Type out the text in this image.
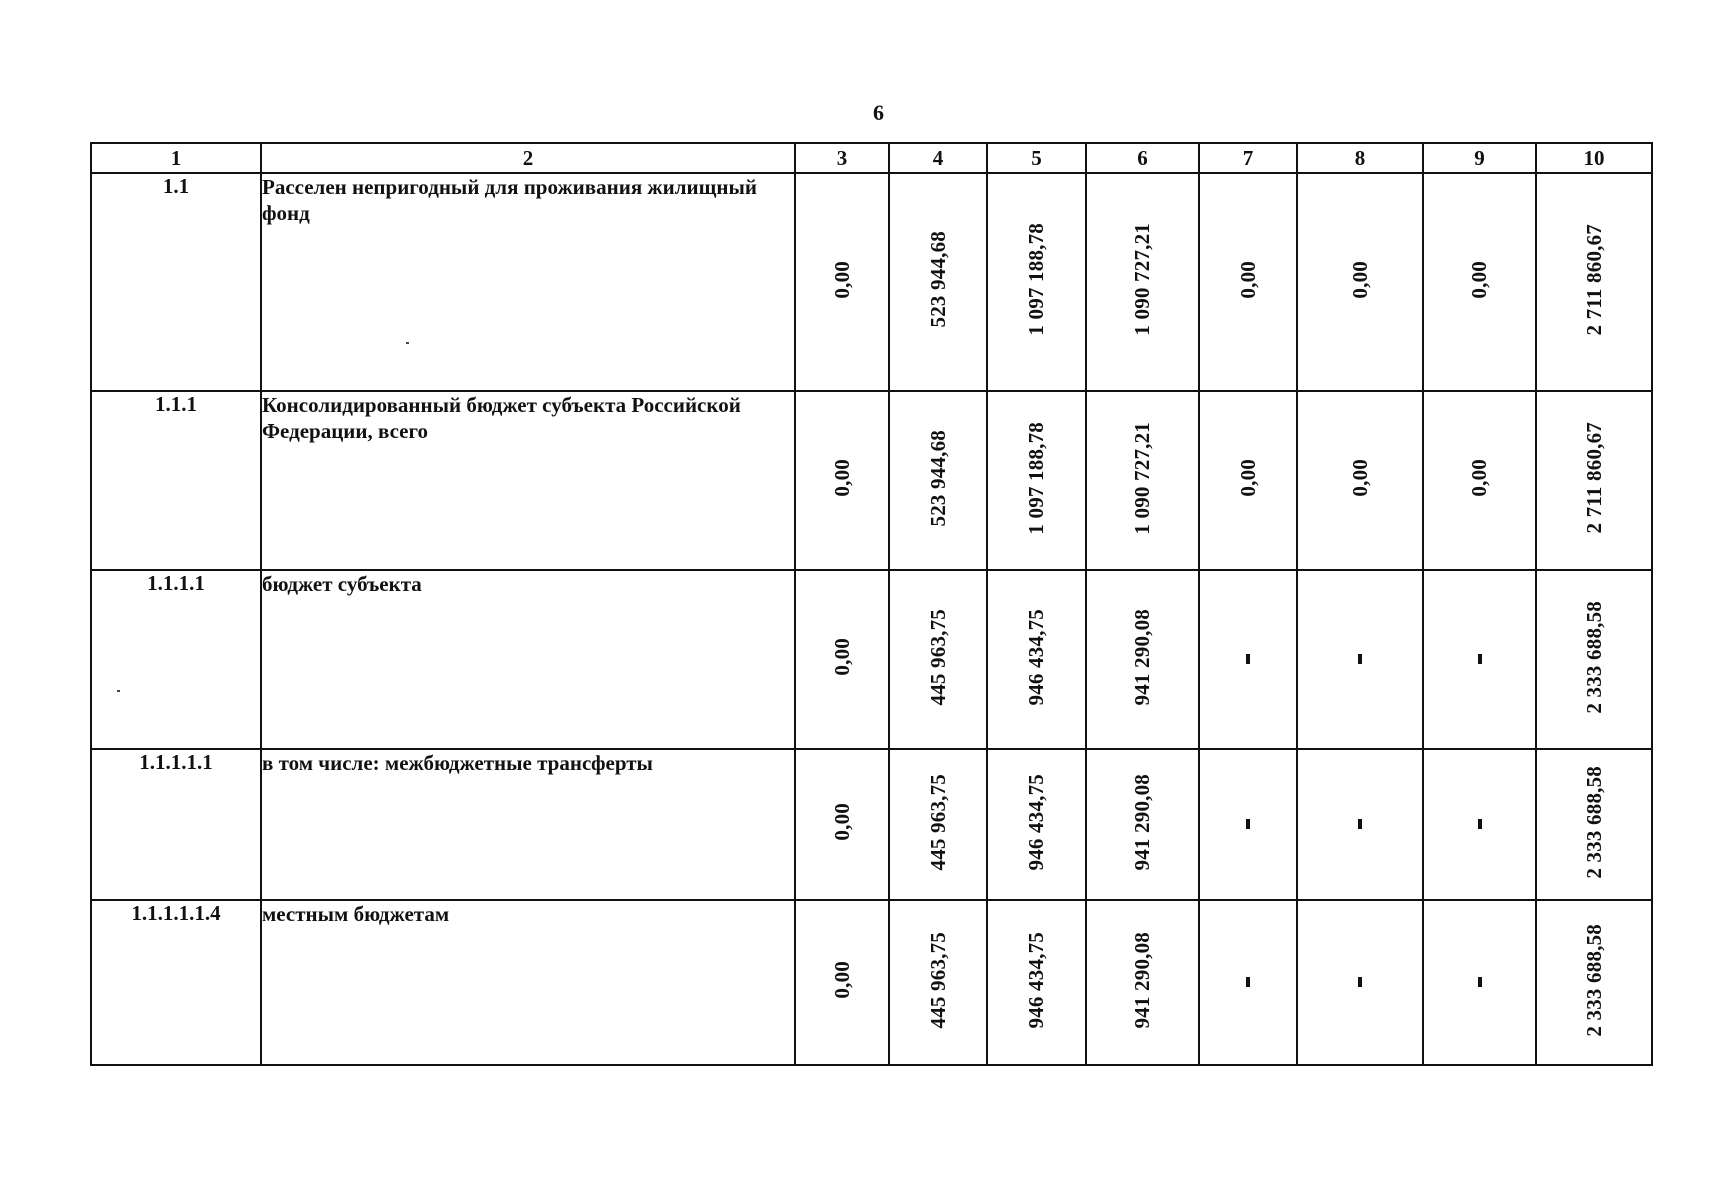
6
1	2	3	4	5	6	7	8	9	10
1.1	Расселен непригодный для проживания жилищный фонд	0,00	523 944,68	1 097 188,78	1 090 727,21	0,00	0,00	0,00	2 711 860,67
1.1.1	Консолидированный бюджет субъекта Российской Федерации, всего	0,00	523 944,68	1 097 188,78	1 090 727,21	0,00	0,00	0,00	2 711 860,67
1.1.1.1	бюджет субъекта	0,00	445 963,75	946 434,75	941 290,08				2 333 688,58
1.1.1.1.1	в том числе: межбюджетные трансферты	0,00	445 963,75	946 434,75	941 290,08				2 333 688,58
1.1.1.1.1.4	местным бюджетам	0,00	445 963,75	946 434,75	941 290,08				2 333 688,58
